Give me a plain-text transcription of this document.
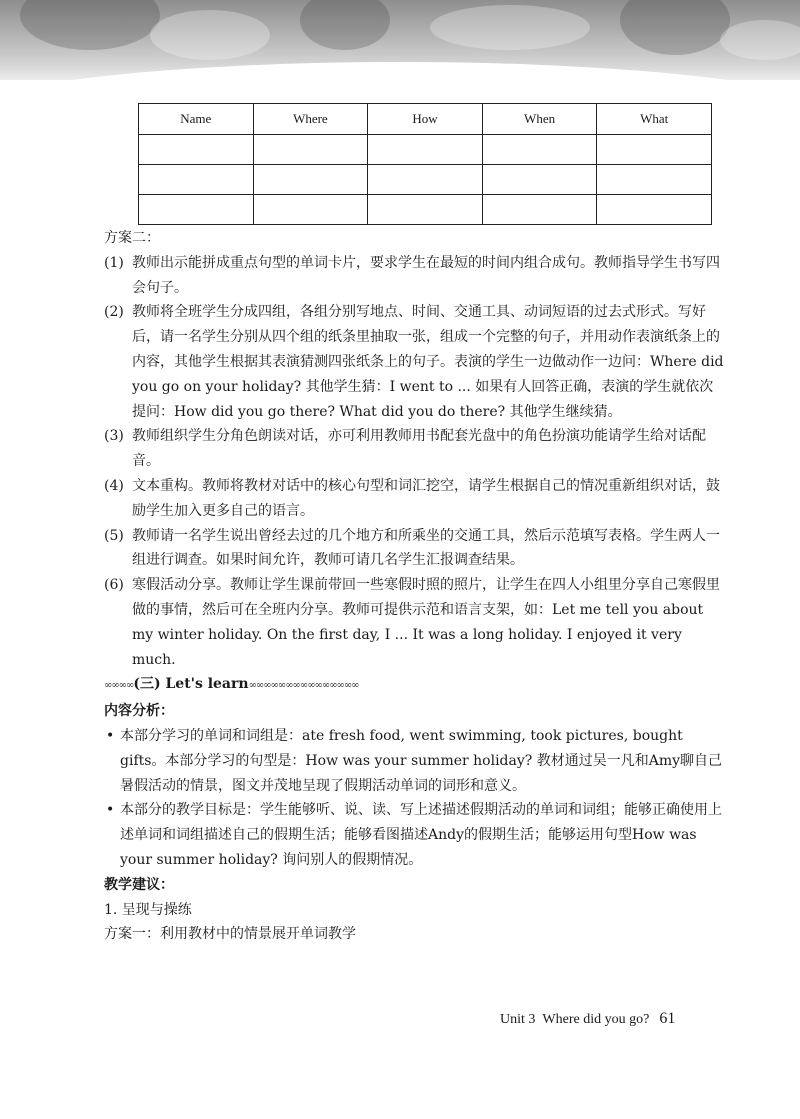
Name	Where	How	When	What

方案二：

(1) 教师出示能拼成重点句型的单词卡片，要求学生在最短的时间内组合成句。教师指导学生书写四会句子。
(2) 教师将全班学生分成四组，各组分别写地点、时间、交通工具、动词短语的过去式形式。写好后，请一名学生分别从四个组的纸条里抽取一张，组成一个完整的句子，并用动作表演纸条上的内容，其他学生根据其表演猜测四张纸条上的句子。表演的学生一边做动作一边问：Where did you go on your holiday? 其他学生猜：I went to ... 如果有人回答正确，表演的学生就依次提问：How did you go there? What did you do there? 其他学生继续猜。
(3) 教师组织学生分角色朗读对话，亦可利用教师用书配套光盘中的角色扮演功能请学生给对话配音。
(4) 文本重构。教师将教材对话中的核心句型和词汇挖空，请学生根据自己的情况重新组织对话，鼓励学生加入更多自己的语言。
(5) 教师请一名学生说出曾经去过的几个地方和所乘坐的交通工具，然后示范填写表格。学生两人一组进行调查。如果时间允许，教师可请几名学生汇报调查结果。
(6) 寒假活动分享。教师让学生课前带回一些寒假时照的照片，让学生在四人小组里分享自己寒假里做的事情，然后可在全班内分享。教师可提供示范和语言支架，如：Let me tell you about my winter holiday. On the first day, I ... It was a long holiday. I enjoyed it very much.

∞∞∞∞(三) Let's learn∞∞∞∞∞∞∞∞∞∞∞∞∞∞∞

内容分析：

• 本部分学习的单词和词组是：ate fresh food, went swimming, took pictures, bought gifts。本部分学习的句型是：How was your summer holiday? 教材通过吴一凡和Amy聊自己暑假活动的情景，图文并茂地呈现了假期活动单词的词形和意义。
• 本部分的教学目标是：学生能够听、说、读、写上述描述假期活动的单词和词组；能够正确使用上述单词和词组描述自己的假期生活；能够看图描述Andy的假期生活；能够运用句型How was your summer holiday? 询问别人的假期情况。

教学建议：

1. 呈现与操练

方案一：利用教材中的情景展开单词教学

Unit 3 Where did you go? 61
